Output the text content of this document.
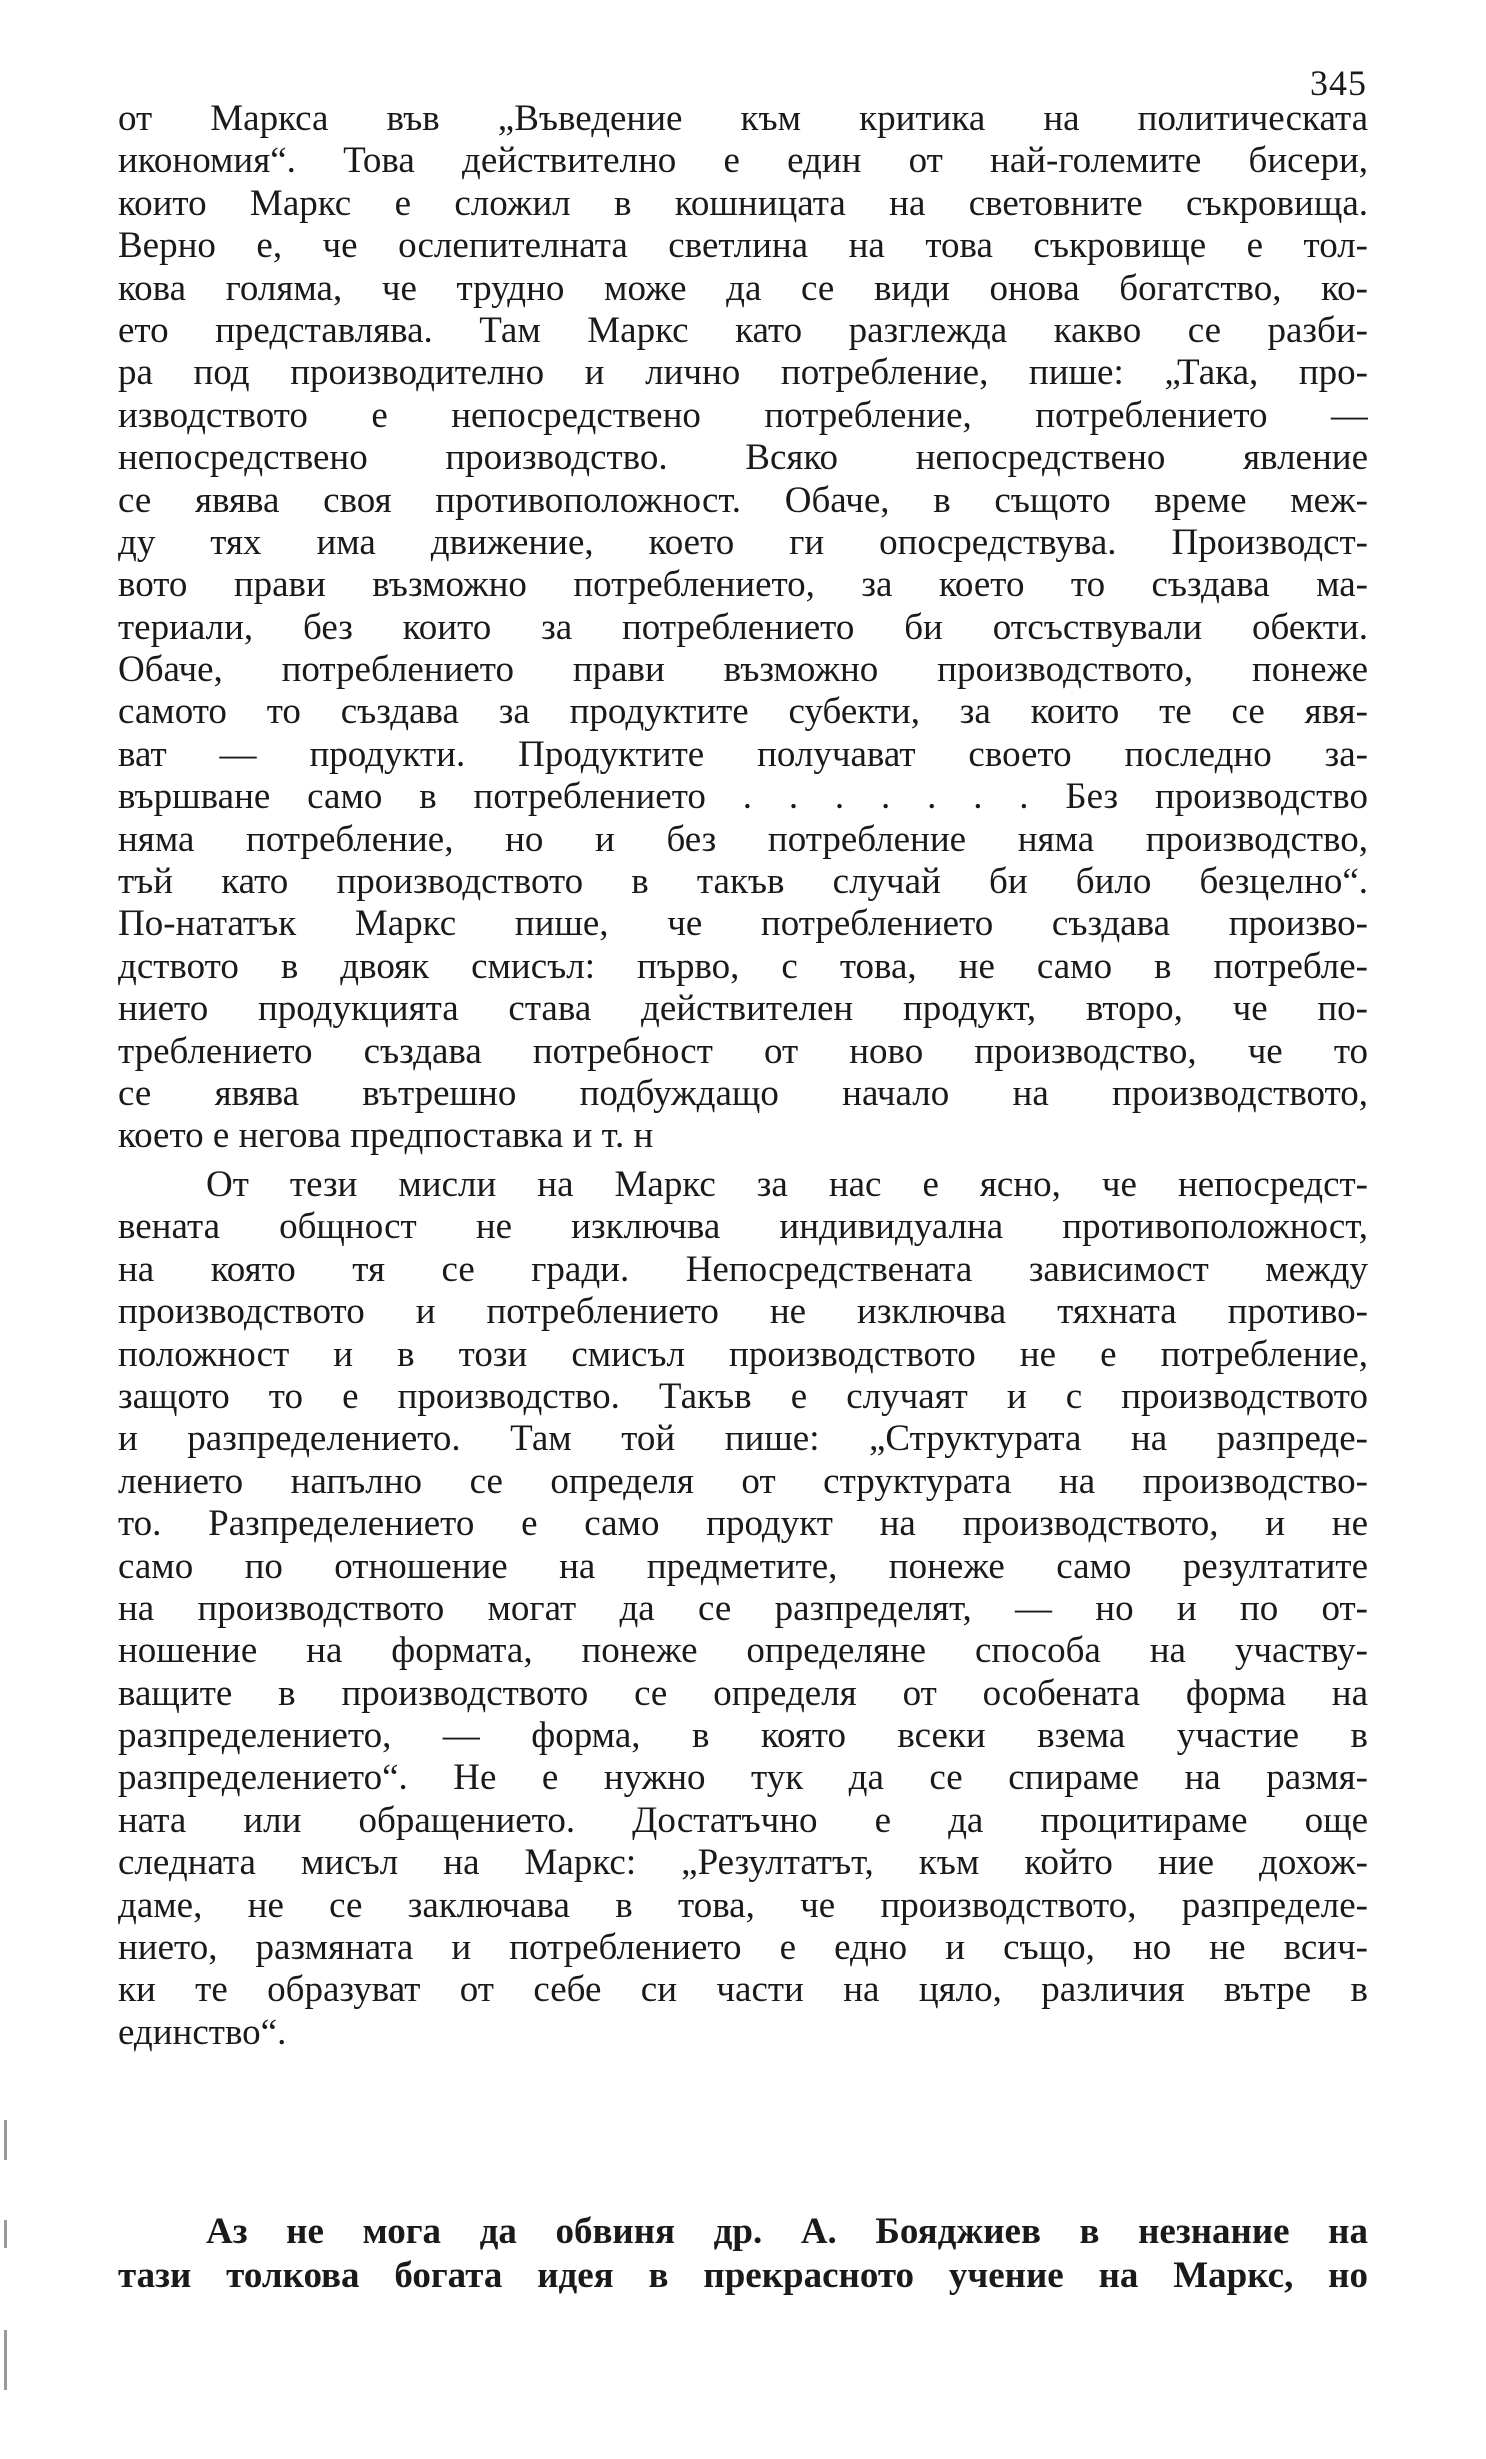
345
от Маркса във „Въведение към критика на политическата
икономия“. Това действително е един от най-големите бисери,
които Маркс е сложил в кошницата на световните съкровища.
Верно е, че ослепителната светлина на това съкровище е тол-
кова голяма, че трудно може да се види онова богатство, ко-
ето представлява. Там Маркс като разглежда какво се разби-
ра под производително и лично потребление, пише: „Така, про-
изводството е непосредствено потребление, потреблението —
непосредствено производство. Всяко непосредствено явление
се явява своя противоположност. Обаче, в същото време меж-
ду тях има движение, което ги опосредствува. Производст-
вото прави възможно потреблението, за което то създава ма-
териали, без които за потреблението би отсъствували обекти.
Обаче, потреблението прави възможно производството, понеже
самото то създава за продуктите субекти, за които те се явя-
ват — продукти. Продуктите получават своето последно за-
вършване само в потреблението . . . . . . . Без производство
няма потребление, но и без потребление няма производство,
тъй като производството в такъв случай би било безцелно“.
По-нататък Маркс пише, че потреблението създава произво-
дството в двояк смисъл: първо, с това, не само в потребле-
нието продукцията става действителен продукт, второ, че по-
треблението създава потребност от ново производство, че то
се явява вътрешно подбуждащо начало на производството,
което е негова предпоставка и т. н
От тези мисли на Маркс за нас е ясно, че непосредст-
вената общност не изключва индивидуална противоположност,
на която тя се гради. Непосредствената зависимост между
производството и потреблението не изключва тяхната противо-
положност и в този смисъл производството не е потребление,
защото то е производство. Такъв е случаят и с производството
и разпределението. Там той пише: „Структурата на разпреде-
лението напълно се определя от структурата на производство-
то. Разпределението е само продукт на производството, и не
само по отношение на предметите, понеже само резултатите
на производството могат да се разпределят, — но и по от-
ношение на формата, понеже определяне способа на участву-
ващите в производството се определя от особената форма на
разпределението, — форма, в която всеки взема участие в
разпределението“. Не е нужно тук да се спираме на размя-
ната или обращението. Достатъчно е да процитираме още
следната мисъл на Маркс: „Резултатът, към който ние дохож-
даме, не се заключава в това, че производството, разпределе-
нието, размяната и потреблението е едно и също, но не всич-
ки те образуват от себе си части на цяло, различия вътре в
единство“.
Аз не мога да обвиня др. А. Бояджиев в незнание на
тази толкова богата идея в прекрасното учение на Маркс, но
